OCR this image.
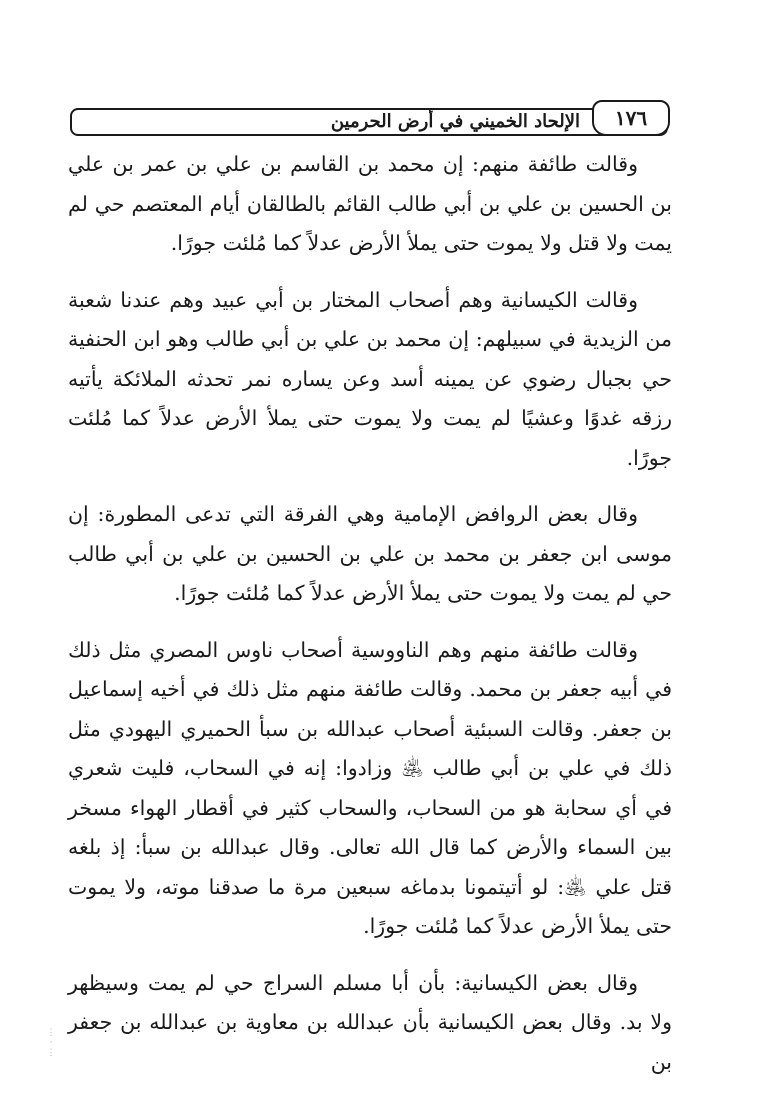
الإلحاد الخميني في أرض الحرمين	١٧٦

وقالت طائفة منهم: إن محمد بن القاسم بن علي بن عمر بن علي بن الحسين بن علي بن أبي طالب القائم بالطالقان أيام المعتصم حي لم يمت ولا قتل ولا يموت حتى يملأ الأرض عدلاً كما مُلئت جورًا.

وقالت الكيسانية وهم أصحاب المختار بن أبي عبيد وهم عندنا شعبة من الزيدية في سبيلهم: إن محمد بن علي بن أبي طالب وهو ابن الحنفية حي بجبال رضوي عن يمينه أسد وعن يساره نمر تحدثه الملائكة يأتيه رزقه غدوًا وعشيًا لم يمت ولا يموت حتى يملأ الأرض عدلاً كما مُلئت جورًا.

وقال بعض الروافض الإمامية وهي الفرقة التي تدعى المطورة: إن موسى ابن جعفر بن محمد بن علي بن الحسين بن علي بن أبي طالب حي لم يمت ولا يموت حتى يملأ الأرض عدلاً كما مُلئت جورًا.

وقالت طائفة منهم وهم الناووسية أصحاب ناوس المصري مثل ذلك في أبيه جعفر بن محمد. وقالت طائفة منهم مثل ذلك في أخيه إسماعيل بن جعفر. وقالت السبئية أصحاب عبدالله بن سبأ الحميري اليهودي مثل ذلك في علي بن أبي طالب ﵁ وزادوا: إنه في السحاب، فليت شعري في أي سحابة هو من السحاب، والسحاب كثير في أقطار الهواء مسخر بين السماء والأرض كما قال الله تعالى. وقال عبدالله بن سبأ: إذ بلغه قتل علي ﵁: لو أتيتمونا بدماغه سبعين مرة ما صدقنا موته، ولا يموت حتى يملأ الأرض عدلاً كما مُلئت جورًا.

وقال بعض الكيسانية: بأن أبا مسلم السراج حي لم يمت وسيظهر ولا بد. وقال بعض الكيسانية بأن عبدالله بن معاوية بن عبدالله بن جعفر بن

⋮
·
⋮
